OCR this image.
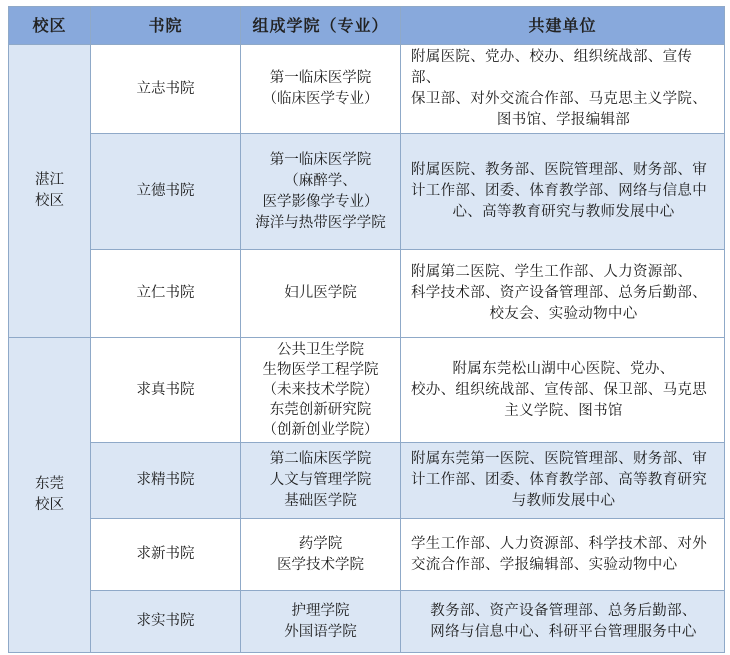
校区	书院	组成学院（专业）	共建单位

湛江
校区	立志书院	第一临床医学院
（临床医学专业）	附属医院、党办、校办、组织统战部、宣传部、
保卫部、对外交流合作部、马克思主义学院、
图书馆、学报编辑部

	立德书院	第一临床医学院
（麻醉学、
医学影像学专业）
海洋与热带医学学院	附属医院、教务部、医院管理部、财务部、审
计工作部、团委、体育教学部、网络与信息中
心、高等教育研究与教师发展中心

	立仁书院	妇儿医学院	附属第二医院、学生工作部、人力资源部、
科学技术部、资产设备管理部、总务后勤部、
校友会、实验动物中心

东莞
校区	求真书院	公共卫生学院
生物医学工程学院
（未来技术学院）
东莞创新研究院
（创新创业学院）	附属东莞松山湖中心医院、党办、
校办、组织统战部、宣传部、保卫部、马克思
主义学院、图书馆

	求精书院	第二临床医学院
人文与管理学院
基础医学院	附属东莞第一医院、医院管理部、财务部、审
计工作部、团委、体育教学部、高等教育研究
与教师发展中心

	求新书院	药学院
医学技术学院	学生工作部、人力资源部、科学技术部、对外
交流合作部、学报编辑部、实验动物中心

	求实书院	护理学院
外国语学院	教务部、资产设备管理部、总务后勤部、
网络与信息中心、科研平台管理服务中心
